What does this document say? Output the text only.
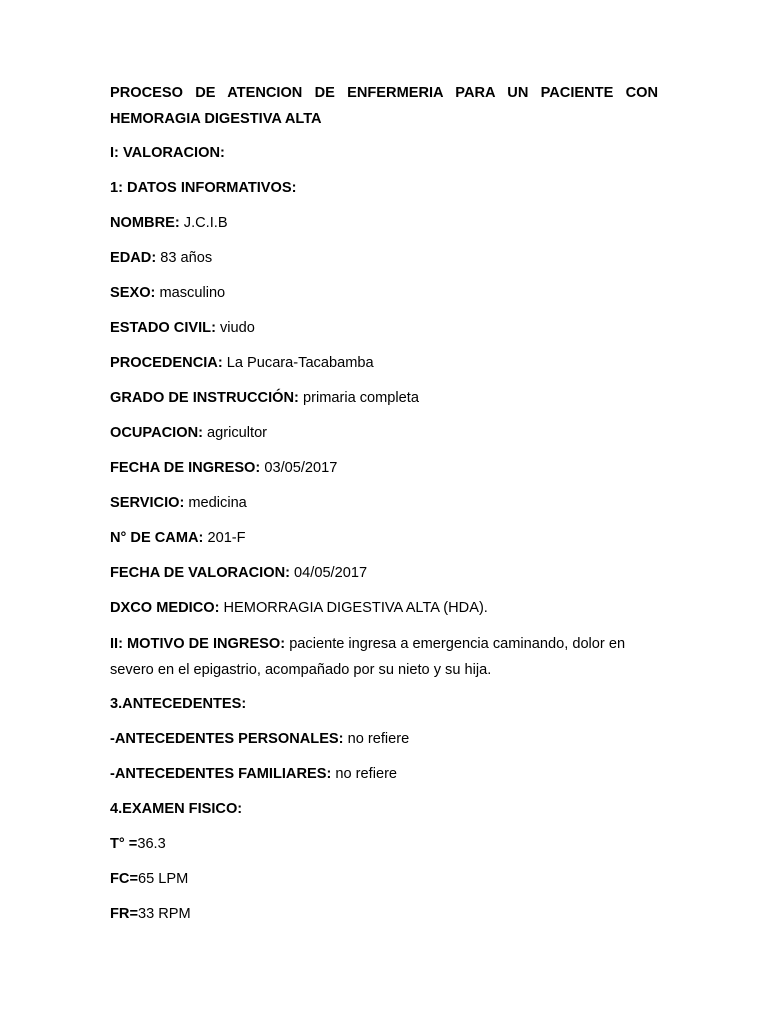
PROCESO DE ATENCION DE ENFERMERIA PARA UN PACIENTE CON HEMORAGIA DIGESTIVA ALTA
I: VALORACION:
1: DATOS INFORMATIVOS:
NOMBRE: J.C.I.B
EDAD: 83 años
SEXO: masculino
ESTADO CIVIL: viudo
PROCEDENCIA: La Pucara-Tacabamba
GRADO DE INSTRUCCIÓN: primaria completa
OCUPACION: agricultor
FECHA DE INGRESO: 03/05/2017
SERVICIO: medicina
N° DE CAMA: 201-F
FECHA DE VALORACION: 04/05/2017
DXCO MEDICO: HEMORRAGIA DIGESTIVA ALTA (HDA).
II: MOTIVO DE INGRESO: paciente ingresa a emergencia caminando, dolor en severo en el epigastrio, acompañado por su nieto y su hija.
3.ANTECEDENTES:
-ANTECEDENTES PERSONALES: no refiere
-ANTECEDENTES FAMILIARES: no refiere
4.EXAMEN FISICO:
T° =36.3
FC=65 LPM
FR=33 RPM
